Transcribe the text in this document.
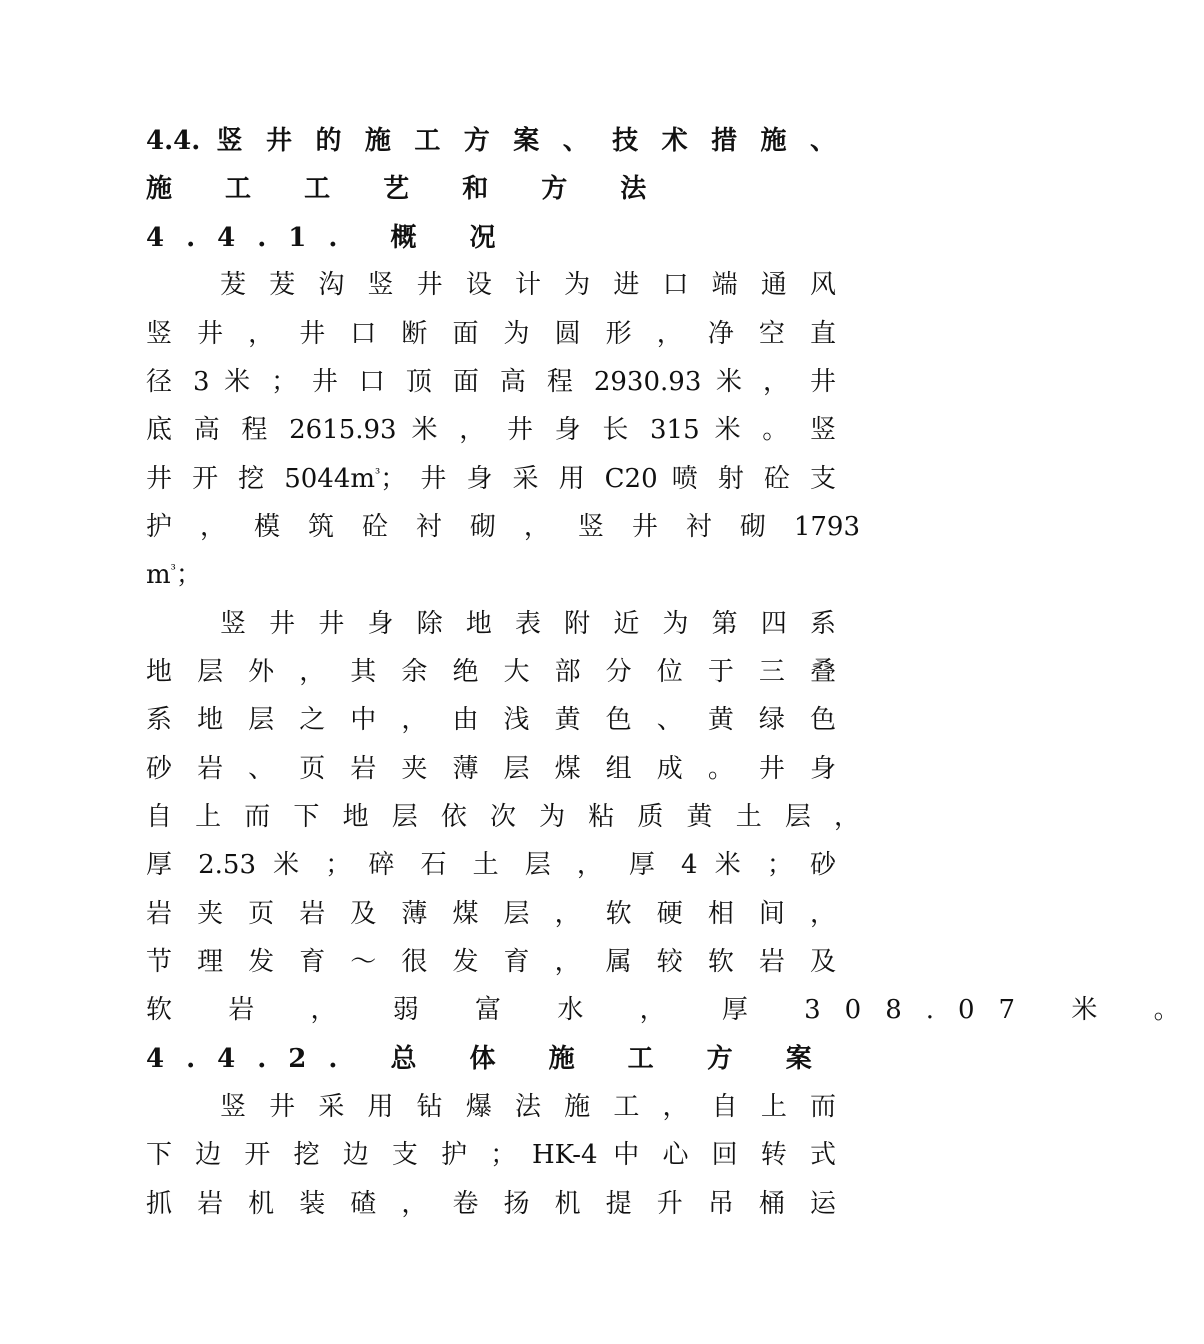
4.4. 竖 井 的 施 工 方 案 、 技 术 措 施 、

施 工 工 艺 和 方 法

4.4.1. 概 况

茇 茇 沟 竖 井 设 计 为 进 口 端 通 风

竖 井 ， 井 口 断 面 为 圆 形 ， 净 空 直

径 3 米 ； 井 口 顶 面 高 程 2930.93 米 ， 井

底 高 程 2615.93 米 ， 井 身 长 315 米 。 竖

井 开 挖 $5044m^{^3}$； 井 身 采 用 C20 喷 射 砼 支

护 ， 模 筑 砼 衬 砌 ， 竖 井 衬 砌 1793

$m^{^3}$；

竖 井 井 身 除 地 表 附 近 为 第 四 系

地 层 外 ， 其 余 绝 大 部 分 位 于 三 叠

系 地 层 之 中 ， 由 浅 黄 色 、 黄 绿 色

砂 岩 、 页 岩 夹 薄 层 煤 组 成 。 井 身

自 上 而 下 地 层 依 次 为 粘 质 黄 土 层 ，

厚 2.53 米 ； 碎 石 土 层 ， 厚 4 米 ； 砂

岩 夹 页 岩 及 薄 煤 层 ， 软 硬 相 间 ，

节 理 发 育 ～ 很 发 育 ， 属 较 软 岩 及

软 岩 ， 弱 富 水 ， 厚 308.07 米 。

4.4.2. 总 体 施 工 方 案

竖 井 采 用 钻 爆 法 施 工 ， 自 上 而

下 边 开 挖 边 支 护 ； HK-4 中 心 回 转 式

抓 岩 机 装 碴 ， 卷 扬 机 提 升 吊 桶 运
